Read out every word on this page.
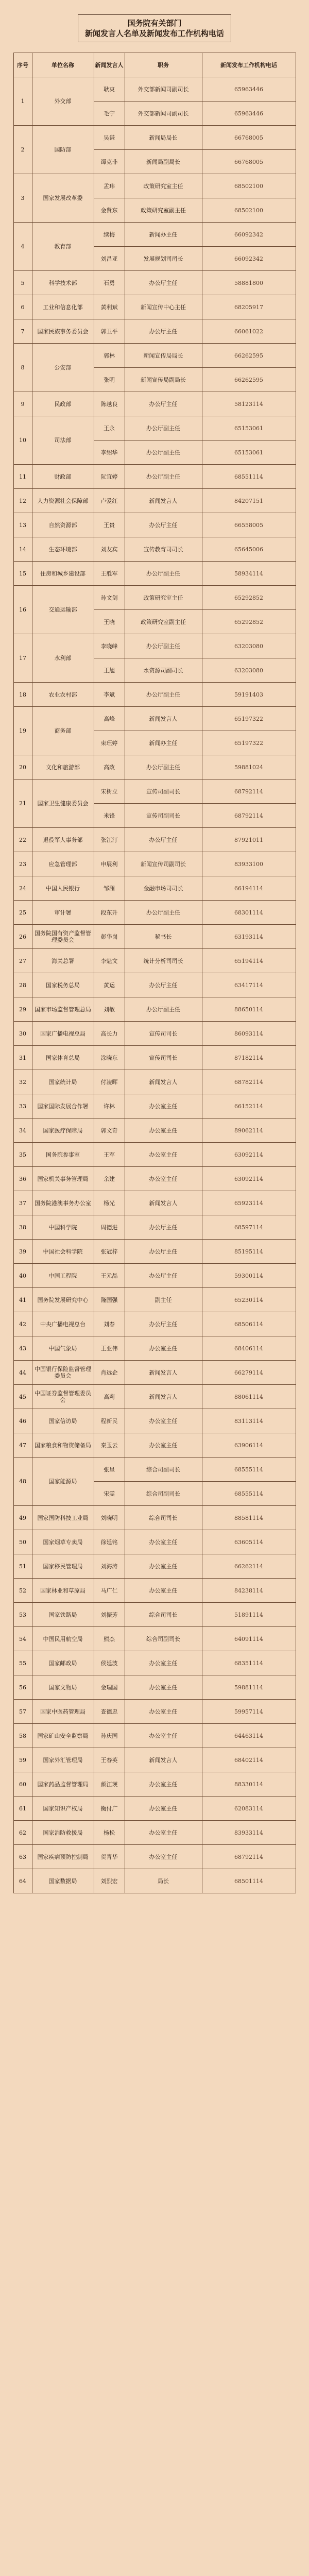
国务院有关部门
新闻发言人名单及新闻发布工作机构电话
序号	单位名称	新闻发言人	职务	新闻发布工作机构电话
1	外交部	耿爽	外交部新闻司副司长	65963446
		毛宁	外交部新闻司副司长	65963446
2	国防部	吴谦	新闻局局长	66768005
		谭克非	新闻局副局长	66768005
3	国家发展改革委	孟玮	政策研究室主任	68502100
		金贤东	政策研究室副主任	68502100
4	教育部	续梅	新闻办主任	66092342
		刘昌亚	发展规划司司长	66092342
5	科学技术部	石勇	办公厅主任	58881800
6	工业和信息化部	黄利斌	新闻宣传中心主任	68205917
7	国家民族事务委员会	郭卫平	办公厅主任	66061022
8	公安部	郭林	新闻宣传局局长	66262595
		张明	新闻宣传局副局长	66262595
9	民政部	陈越良	办公厅主任	58123114
10	司法部	王永	办公厅副主任	65153061
		李绍华	办公厅副主任	65153061
11	财政部	阮宜婷	办公厅副主任	68551114
12	人力资源社会保障部	卢爱红	新闻发言人	84207151
13	自然资源部	王贵	办公厅主任	66558005
14	生态环境部	刘友宾	宣传教育司司长	65645006
15	住房和城乡建设部	王胜军	办公厅副主任	58934114
16	交通运输部	孙文剑	政策研究室主任	65292852
		王晓	政策研究室副主任	65292852
17	水利部	李晓峰	办公厅副主任	63203080
		王旭	水资源司副司长	63203080
18	农业农村部	李斌	办公厅副主任	59191403
19	商务部	高峰	新闻发言人	65197322
		束珏婷	新闻办主任	65197322
20	文化和旅游部	高政	办公厅副主任	59881024
21	国家卫生健康委员会	宋树立	宣传司副司长	68792114
		米锋	宣传司副司长	68792114
22	退役军人事务部	张江汀	办公厅主任	87921011
23	应急管理部	申展利	新闻宣传司副司长	83933100
24	中国人民银行	邹澜	金融市场司司长	66194114
25	审计署	段东升	办公厅副主任	68301114
26	国务院国有资产监督管理委员会	彭华岗	秘书长	63193114
27	海关总署	李魁文	统计分析司司长	65194114
28	国家税务总局	黄运	办公厅主任	63417114
29	国家市场监督管理总局	刘敏	办公厅副主任	88650114
30	国家广播电视总局	高长力	宣传司司长	86093114
31	国家体育总局	涂晓东	宣传司司长	87182114
32	国家统计局	付凌晖	新闻发言人	68782114
33	国家国际发展合作署	许林	办公室主任	66152114
34	国家医疗保障局	郭文奇	办公室主任	89062114
35	国务院参事室	王军	办公室主任	63092114
36	国家机关事务管理局	余建	办公室主任	63092114
37	国务院港澳事务办公室	杨光	新闻发言人	65923114
38	中国科学院	周德进	办公厅主任	68597114
39	中国社会科学院	张冠梓	办公厅主任	85195114
40	中国工程院	王元晶	办公厅主任	59300114
41	国务院发展研究中心	隆国强	副主任	65230114
42	中央广播电视总台	刘春	办公厅主任	68506114
43	中国气象局	王亚伟	办公室主任	68406114
44	中国银行保险监督管理委员会	肖远企	新闻发言人	66279114
45	中国证券监督管理委员会	高莉	新闻发言人	88061114
46	国家信访局	程新民	办公室主任	83113114
47	国家粮食和物资储备局	秦玉云	办公室主任	63906114
48	国家能源局	张星	综合司副司长	68555114
		宋雯	综合司副司长	68555114
49	国家国防科技工业局	刘晓明	综合司司长	88581114
50	国家烟草专卖局	徐延铭	办公室主任	63605114
51	国家移民管理局	刘海涛	办公室主任	66262114
52	国家林业和草原局	马广仁	办公室主任	84238114
53	国家铁路局	刘振芳	综合司司长	51891114
54	中国民用航空局	熊杰	综合司副司长	64091114
55	国家邮政局	侯延波	办公室主任	68351114
56	国家文物局	金瑞国	办公室主任	59881114
57	国家中医药管理局	查德忠	办公室主任	59957114
58	国家矿山安全监察局	孙庆国	办公室主任	64463114
59	国家外汇管理局	王春英	新闻发言人	68402114
60	国家药品监督管理局	颜江瑛	办公室主任	88330114
61	国家知识产权局	衡付广	办公室主任	62083114
62	国家消防救援局	杨松	办公室主任	83933114
63	国家疾病预防控制局	贺青华	办公室主任	68792114
64	国家数据局	刘烈宏	局长	68501114
